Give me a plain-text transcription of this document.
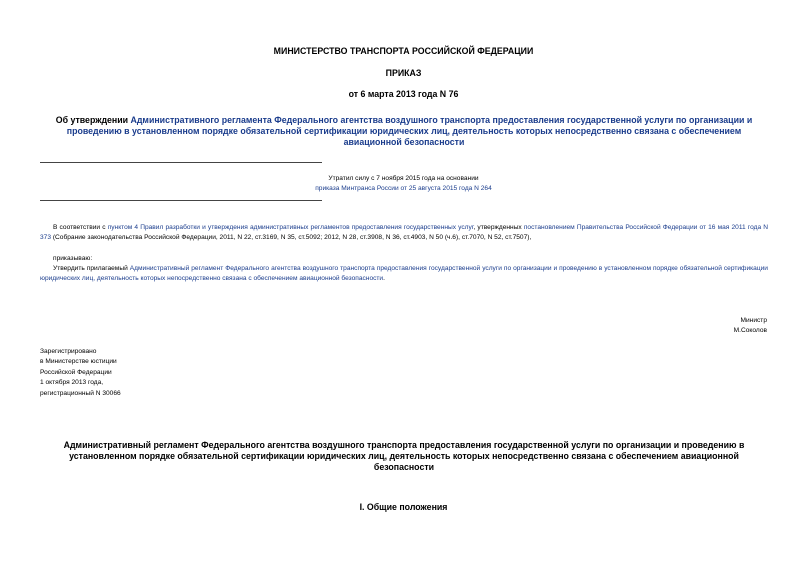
МИНИСТЕРСТВО ТРАНСПОРТА РОССИЙСКОЙ ФЕДЕРАЦИИ
ПРИКАЗ
от 6 марта 2013 года N 76
Об утверждении Административного регламента Федерального агентства воздушного транспорта предоставления государственной услуги по организации и проведению в установленном порядке обязательной сертификации юридических лиц, деятельность которых непосредственно связана с обеспечением авиационной безопасности
Утратил силу с 7 ноября 2015 года на основании
приказа Минтранса России от 25 августа 2015 года N 264
В соответствии с пунктом 4 Правил разработки и утверждения административных регламентов предоставления государственных услуг, утвержденных постановлением Правительства Российской Федерации от 16 мая 2011 года N 373 (Собрание законодательства Российской Федерации, 2011, N 22, ст.3169, N 35, ст.5092; 2012, N 28, ст.3908, N 36, ст.4903, N 50 (ч.6), ст.7070, N 52, ст.7507),
приказываю:
Утвердить прилагаемый Административный регламент Федерального агентства воздушного транспорта предоставления государственной услуги по организации и проведению в установленном порядке обязательной сертификации юридических лиц, деятельность которых непосредственно связана с обеспечением авиационной безопасности.
Министр
М.Соколов
Зарегистрировано
в Министерстве юстиции
Российской Федерации
1 октября 2013 года,
регистрационный N 30066
Административный регламент Федерального агентства воздушного транспорта предоставления государственной услуги по организации и проведению в установленном порядке обязательной сертификации юридических лиц, деятельность которых непосредственно связана с обеспечением авиационной безопасности
I. Общие положения
